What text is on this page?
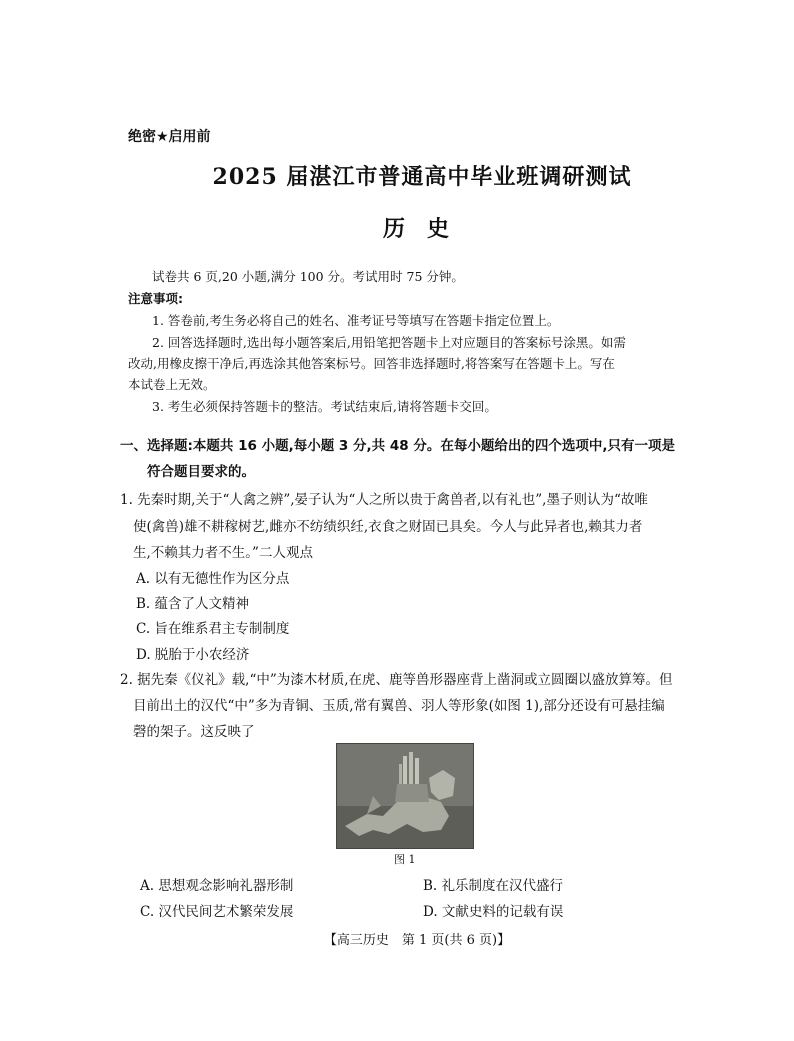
绝密★启用前
2025 届湛江市普通高中毕业班调研测试
历史
试卷共 6 页,20 小题,满分 100 分。考试用时 75 分钟。
注意事项:
1. 答卷前,考生务必将自己的姓名、准考证号等填写在答题卡指定位置上。
2. 回答选择题时,选出每小题答案后,用铅笔把答题卡上对应题目的答案标号涂黑。如需
改动,用橡皮擦干净后,再选涂其他答案标号。回答非选择题时,将答案写在答题卡上。写在
本试卷上无效。
3. 考生必须保持答题卡的整洁。考试结束后,请将答题卡交回。
一、选择题:本题共 16 小题,每小题 3 分,共 48 分。在每小题给出的四个选项中,只有一项是
符合题目要求的。
1. 先秦时期,关于“人禽之辨”,晏子认为“人之所以贵于禽兽者,以有礼也”,墨子则认为“故唯
使(禽兽)雄不耕稼树艺,雌亦不纺绩织纴,衣食之财固已具矣。今人与此异者也,赖其力者
生,不赖其力者不生。”二人观点
A. 以有无德性作为区分点
B. 蕴含了人文精神
C. 旨在维系君主专制制度
D. 脱胎于小农经济
2. 据先秦《仪礼》载,“中”为漆木材质,在虎、鹿等兽形器座背上凿洞或立圆圈以盛放算筹。但
目前出土的汉代“中”多为青铜、玉质,常有翼兽、羽人等形象(如图 1),部分还设有可悬挂编
磬的架子。这反映了
图 1
A. 思想观念影响礼器形制	B. 礼乐制度在汉代盛行
C. 汉代民间艺术繁荣发展	D. 文献史料的记载有误
【高三历史　第 1 页(共 6 页)】
